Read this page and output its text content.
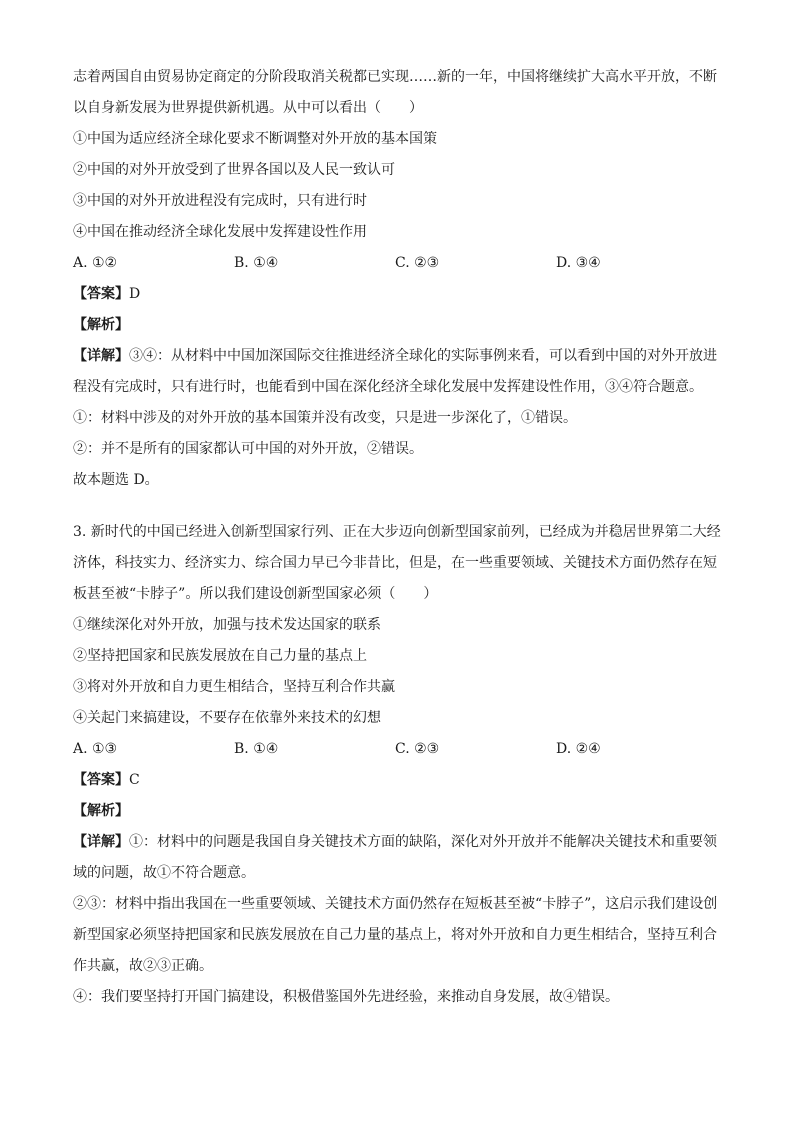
志着两国自由贸易协定商定的分阶段取消关税都已实现……新的一年，中国将继续扩大高水平开放，不断
以自身新发展为世界提供新机遇。从中可以看出（　　）
①中国为适应经济全球化要求不断调整对外开放的基本国策
②中国的对外开放受到了世界各国以及人民一致认可
③中国的对外开放进程没有完成时，只有进行时
④中国在推动经济全球化发展中发挥建设性作用
A. ①②	B. ①④	C. ②③	D. ③④
【答案】D
【解析】
【详解】③④：从材料中中国加深国际交往推进经济全球化的实际事例来看，可以看到中国的对外开放进
程没有完成时，只有进行时，也能看到中国在深化经济全球化发展中发挥建设性作用，③④符合题意。
①：材料中涉及的对外开放的基本国策并没有改变，只是进一步深化了，①错误。
②：并不是所有的国家都认可中国的对外开放，②错误。
故本题选 D。
3. 新时代的中国已经进入创新型国家行列、正在大步迈向创新型国家前列，已经成为并稳居世界第二大经
济体，科技实力、经济实力、综合国力早已今非昔比，但是，在一些重要领域、关键技术方面仍然存在短
板甚至被“卡脖子”。所以我们建设创新型国家必须（　　）
①继续深化对外开放，加强与技术发达国家的联系
②坚持把国家和民族发展放在自己力量的基点上
③将对外开放和自力更生相结合，坚持互利合作共赢
④关起门来搞建设，不要存在依靠外来技术的幻想
A. ①③	B. ①④	C. ②③	D. ②④
【答案】C
【解析】
【详解】①：材料中的问题是我国自身关键技术方面的缺陷，深化对外开放并不能解决关键技术和重要领
域的问题，故①不符合题意。
②③：材料中指出我国在一些重要领域、关键技术方面仍然存在短板甚至被“卡脖子”，这启示我们建设创
新型国家必须坚持把国家和民族发展放在自己力量的基点上，将对外开放和自力更生相结合，坚持互利合
作共赢，故②③正确。
④：我们要坚持打开国门搞建设，积极借鉴国外先进经验，来推动自身发展，故④错误。
